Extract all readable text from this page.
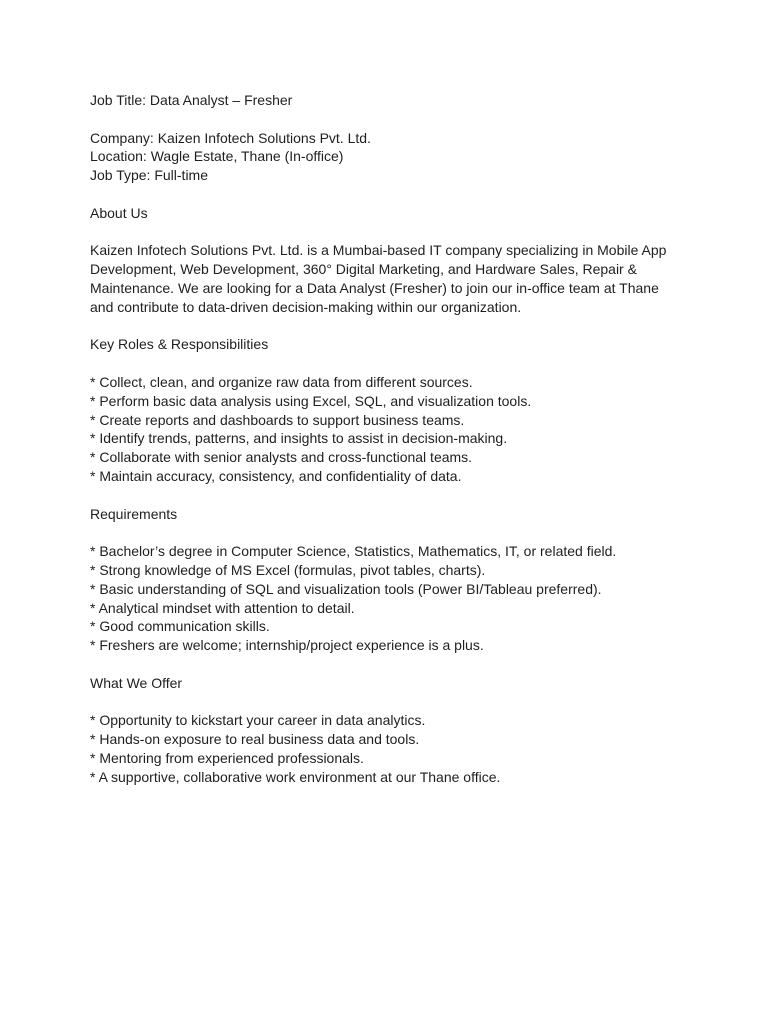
Job Title: Data Analyst – Fresher
Company: Kaizen Infotech Solutions Pvt. Ltd.
Location: Wagle Estate, Thane (In-office)
Job Type: Full-time
About Us
Kaizen Infotech Solutions Pvt. Ltd. is a Mumbai-based IT company specializing in Mobile App
Development, Web Development, 360° Digital Marketing, and Hardware Sales, Repair &
Maintenance. We are looking for a Data Analyst (Fresher) to join our in-office team at Thane
and contribute to data-driven decision-making within our organization.
Key Roles & Responsibilities
* Collect, clean, and organize raw data from different sources.
* Perform basic data analysis using Excel, SQL, and visualization tools.
* Create reports and dashboards to support business teams.
* Identify trends, patterns, and insights to assist in decision-making.
* Collaborate with senior analysts and cross-functional teams.
* Maintain accuracy, consistency, and confidentiality of data.
Requirements
* Bachelor’s degree in Computer Science, Statistics, Mathematics, IT, or related field.
* Strong knowledge of MS Excel (formulas, pivot tables, charts).
* Basic understanding of SQL and visualization tools (Power BI/Tableau preferred).
* Analytical mindset with attention to detail.
* Good communication skills.
* Freshers are welcome; internship/project experience is a plus.
What We Offer
* Opportunity to kickstart your career in data analytics.
* Hands-on exposure to real business data and tools.
* Mentoring from experienced professionals.
* A supportive, collaborative work environment at our Thane office.
